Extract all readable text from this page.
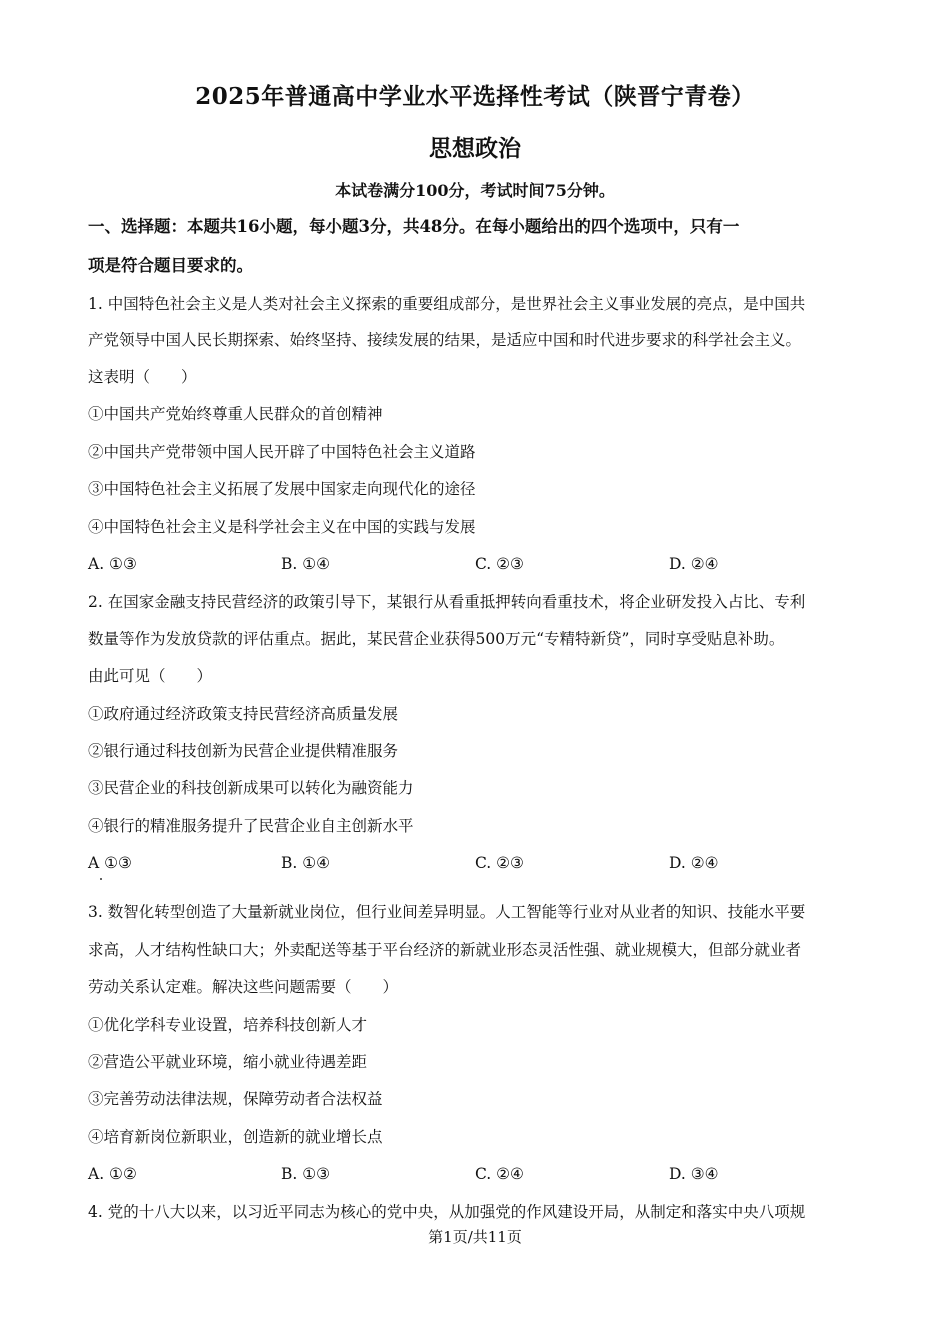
2025年普通高中学业水平选择性考试（陕晋宁青卷）
思想政治
本试卷满分100分，考试时间75分钟。
一、选择题：本题共16小题，每小题3分，共48分。在每小题给出的四个选项中，只有一
项是符合题目要求的。
1. 中国特色社会主义是人类对社会主义探索的重要组成部分，是世界社会主义事业发展的亮点，是中国共
产党领导中国人民长期探索、始终坚持、接续发展的结果，是适应中国和时代进步要求的科学社会主义。
这表明（　　）
①中国共产党始终尊重人民群众的首创精神
②中国共产党带领中国人民开辟了中国特色社会主义道路
③中国特色社会主义拓展了发展中国家走向现代化的途径
④中国特色社会主义是科学社会主义在中国的实践与发展
A. ①③	B. ①④	C. ②③	D. ②④
2. 在国家金融支持民营经济的政策引导下，某银行从看重抵押转向看重技术，将企业研发投入占比、专利
数量等作为发放贷款的评估重点。据此，某民营企业获得500万元“专精特新贷”，同时享受贴息补助。
由此可见（　　）
①政府通过经济政策支持民营经济高质量发展
②银行通过科技创新为民营企业提供精准服务
③民营企业的科技创新成果可以转化为融资能力
④银行的精准服务提升了民营企业自主创新水平
A ①③	B. ①④	C. ②③	D. ②④
3. 数智化转型创造了大量新就业岗位，但行业间差异明显。人工智能等行业对从业者的知识、技能水平要
求高，人才结构性缺口大；外卖配送等基于平台经济的新就业形态灵活性强、就业规模大，但部分就业者
劳动关系认定难。解决这些问题需要（　　）
①优化学科专业设置，培养科技创新人才
②营造公平就业环境，缩小就业待遇差距
③完善劳动法律法规，保障劳动者合法权益
④培育新岗位新职业，创造新的就业增长点
A. ①②	B. ①③	C. ②④	D. ③④
4. 党的十八大以来，以习近平同志为核心的党中央，从加强党的作风建设开局，从制定和落实中央八项规
第1页/共11页
